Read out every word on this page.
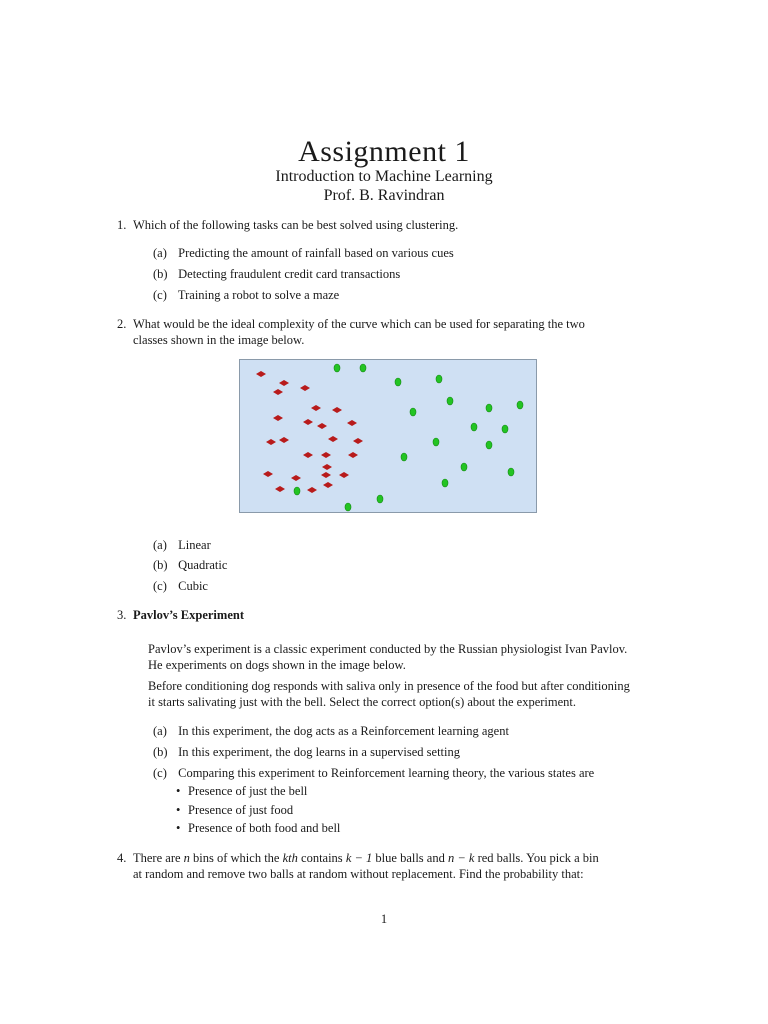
Assignment 1
Introduction to Machine Learning
Prof. B. Ravindran
1. Which of the following tasks can be best solved using clustering.
(a) Predicting the amount of rainfall based on various cues
(b) Detecting fraudulent credit card transactions
(c) Training a robot to solve a maze
2. What would be the ideal complexity of the curve which can be used for separating the two
classes shown in the image below.
(a) Linear
(b) Quadratic
(c) Cubic
3. Pavlov’s Experiment
Pavlov’s experiment is a classic experiment conducted by the Russian physiologist Ivan Pavlov.
He experiments on dogs shown in the image below.
Before conditioning dog responds with saliva only in presence of the food but after conditioning
it starts salivating just with the bell. Select the correct option(s) about the experiment.
(a) In this experiment, the dog acts as a Reinforcement learning agent
(b) In this experiment, the dog learns in a supervised setting
(c) Comparing this experiment to Reinforcement learning theory, the various states are
• Presence of just the bell
• Presence of just food
• Presence of both food and bell
4. There are n bins of which the kth contains k − 1 blue balls and n − k red balls. You pick a bin
at random and remove two balls at random without replacement. Find the probability that:
1
